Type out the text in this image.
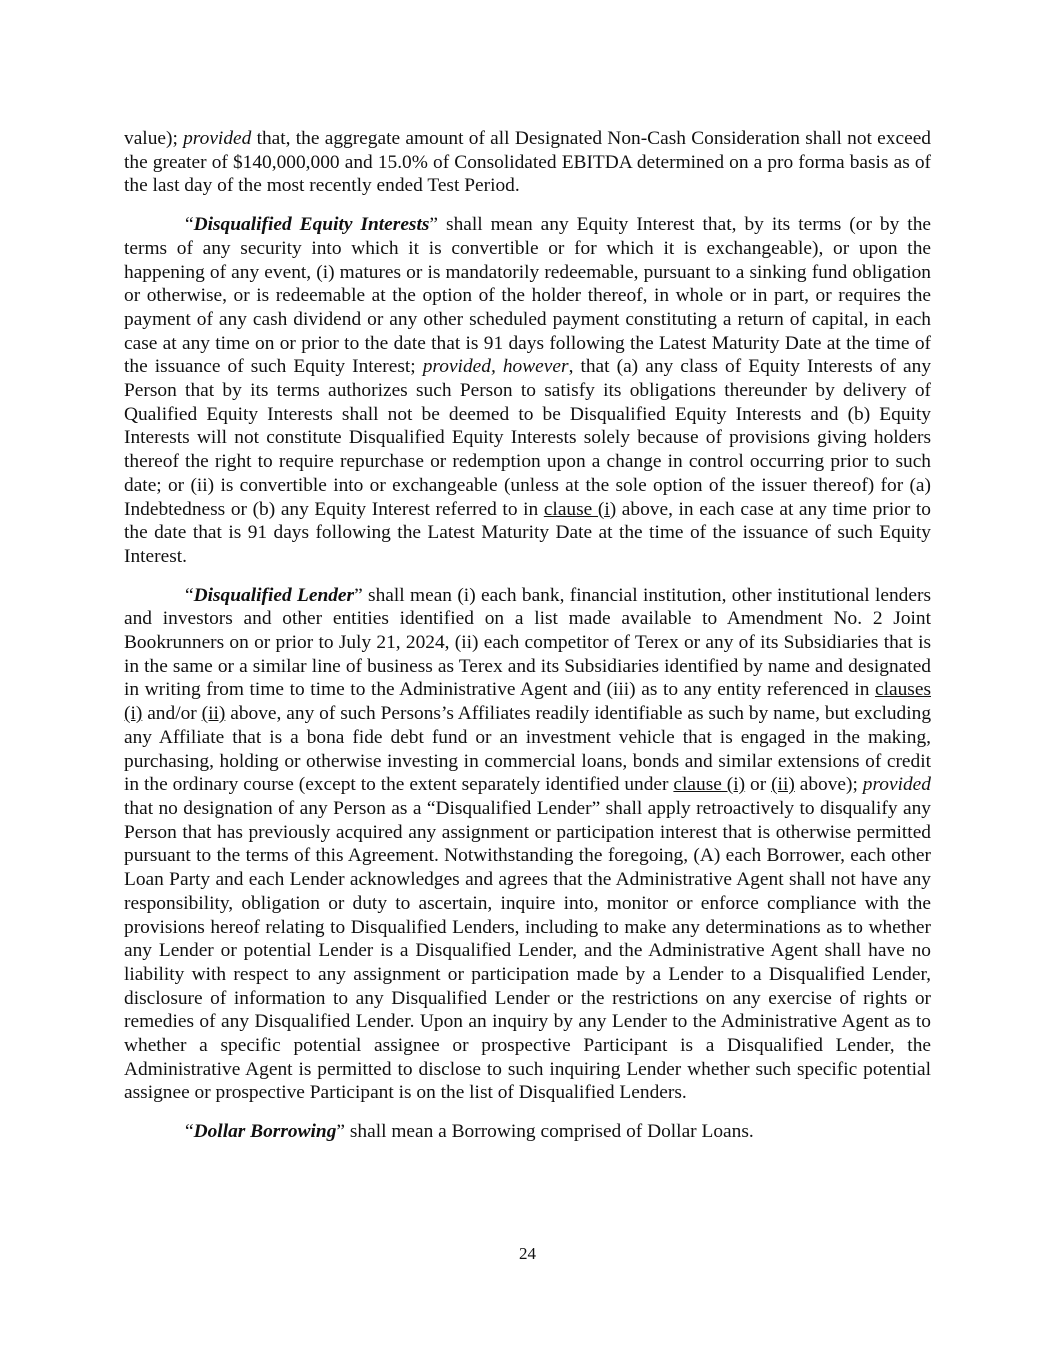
value); provided that, the aggregate amount of all Designated Non-Cash Consideration shall not exceed the greater of $140,000,000 and 15.0% of Consolidated EBITDA determined on a pro forma basis as of the last day of the most recently ended Test Period.

“Disqualified Equity Interests” shall mean any Equity Interest that, by its terms (or by the terms of any security into which it is convertible or for which it is exchangeable), or upon the happening of any event, (i) matures or is mandatorily redeemable, pursuant to a sinking fund obligation or otherwise, or is redeemable at the option of the holder thereof, in whole or in part, or requires the payment of any cash dividend or any other scheduled payment constituting a return of capital, in each case at any time on or prior to the date that is 91 days following the Latest Maturity Date at the time of the issuance of such Equity Interest; provided, however, that (a) any class of Equity Interests of any Person that by its terms authorizes such Person to satisfy its obligations thereunder by delivery of Qualified Equity Interests shall not be deemed to be Disqualified Equity Interests and (b) Equity Interests will not constitute Disqualified Equity Interests solely because of provisions giving holders thereof the right to require repurchase or redemption upon a change in control occurring prior to such date; or (ii) is convertible into or exchangeable (unless at the sole option of the issuer thereof) for (a) Indebtedness or (b) any Equity Interest referred to in clause (i) above, in each case at any time prior to the date that is 91 days following the Latest Maturity Date at the time of the issuance of such Equity Interest.

“Disqualified Lender” shall mean (i) each bank, financial institution, other institutional lenders and investors and other entities identified on a list made available to Amendment No. 2 Joint Bookrunners on or prior to July 21, 2024, (ii) each competitor of Terex or any of its Subsidiaries that is in the same or a similar line of business as Terex and its Subsidiaries identified by name and designated in writing from time to time to the Administrative Agent and (iii) as to any entity referenced in clauses (i) and/or (ii) above, any of such Persons’s Affiliates readily identifiable as such by name, but excluding any Affiliate that is a bona fide debt fund or an investment vehicle that is engaged in the making, purchasing, holding or otherwise investing in commercial loans, bonds and similar extensions of credit in the ordinary course (except to the extent separately identified under clause (i) or (ii) above); provided that no designation of any Person as a “Disqualified Lender” shall apply retroactively to disqualify any Person that has previously acquired any assignment or participation interest that is otherwise permitted pursuant to the terms of this Agreement. Notwithstanding the foregoing, (A) each Borrower, each other Loan Party and each Lender acknowledges and agrees that the Administrative Agent shall not have any responsibility, obligation or duty to ascertain, inquire into, monitor or enforce compliance with the provisions hereof relating to Disqualified Lenders, including to make any determinations as to whether any Lender or potential Lender is a Disqualified Lender, and the Administrative Agent shall have no liability with respect to any assignment or participation made by a Lender to a Disqualified Lender, disclosure of information to any Disqualified Lender or the restrictions on any exercise of rights or remedies of any Disqualified Lender. Upon an inquiry by any Lender to the Administrative Agent as to whether a specific potential assignee or prospective Participant is a Disqualified Lender, the Administrative Agent is permitted to disclose to such inquiring Lender whether such specific potential assignee or prospective Participant is on the list of Disqualified Lenders.

“Dollar Borrowing” shall mean a Borrowing comprised of Dollar Loans.

24
